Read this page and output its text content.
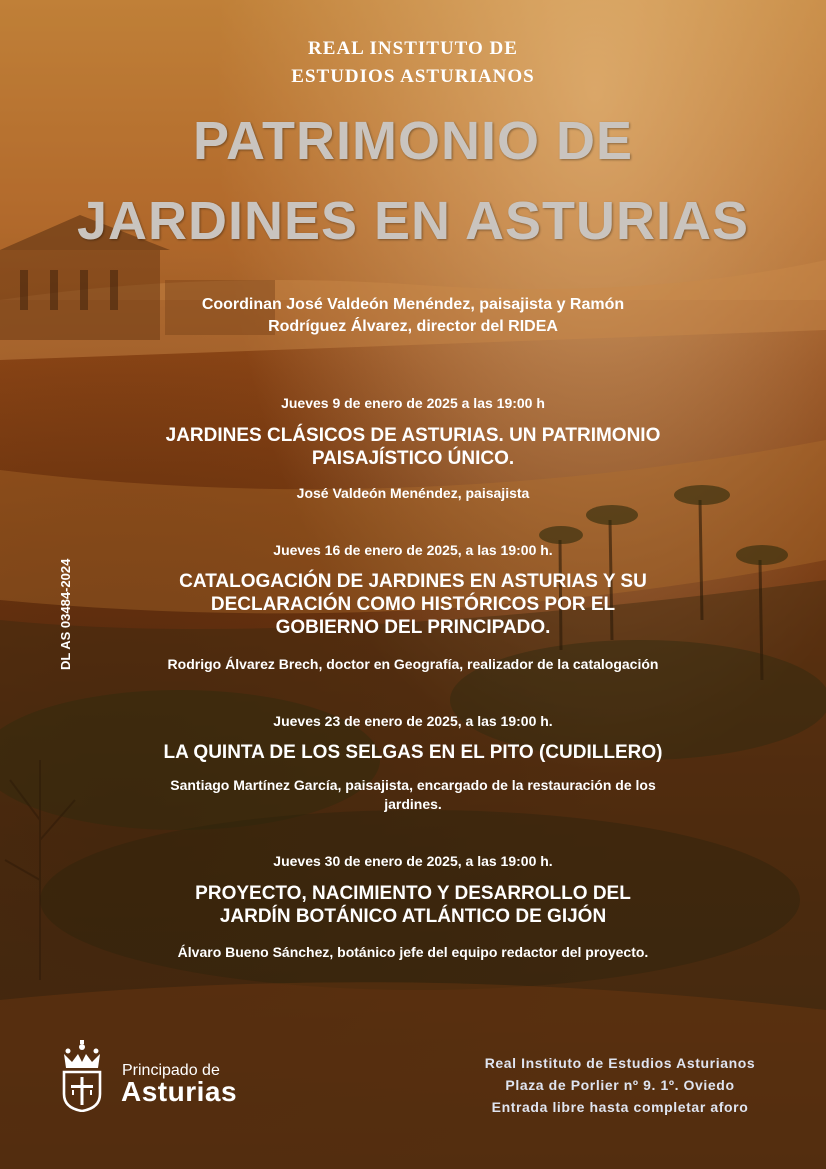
REAL INSTITUTO DE
ESTUDIOS ASTURIANOS
PATRIMONIO DE
JARDINES EN ASTURIAS
Coordinan José Valdeón Menéndez, paisajista y Ramón
Rodríguez Álvarez, director del RIDEA
Jueves 9 de enero de 2025 a las 19:00 h
JARDINES CLÁSICOS DE ASTURIAS. UN PATRIMONIO
PAISAJÍSTICO ÚNICO.
José Valdeón Menéndez, paisajista
Jueves 16 de enero de 2025, a las 19:00 h.
CATALOGACIÓN DE JARDINES EN ASTURIAS Y SU
DECLARACIÓN COMO HISTÓRICOS POR EL
GOBIERNO DEL PRINCIPADO.
Rodrigo Álvarez Brech, doctor en Geografía, realizador de la catalogación
Jueves 23 de enero de 2025, a las 19:00 h.
LA QUINTA DE LOS SELGAS EN EL PITO (CUDILLERO)
Santiago Martínez García, paisajista, encargado de la restauración de los
jardines.
Jueves 30 de enero de 2025, a las 19:00 h.
PROYECTO, NACIMIENTO Y DESARROLLO DEL
JARDÍN BOTÁNICO ATLÁNTICO DE GIJÓN
Álvaro Bueno Sánchez, botánico jefe del equipo redactor del proyecto.
DL AS 03484-2024
Principado de
Asturias
Real Instituto de Estudios Asturianos
Plaza de Porlier nº 9. 1º. Oviedo
Entrada libre hasta completar aforo
